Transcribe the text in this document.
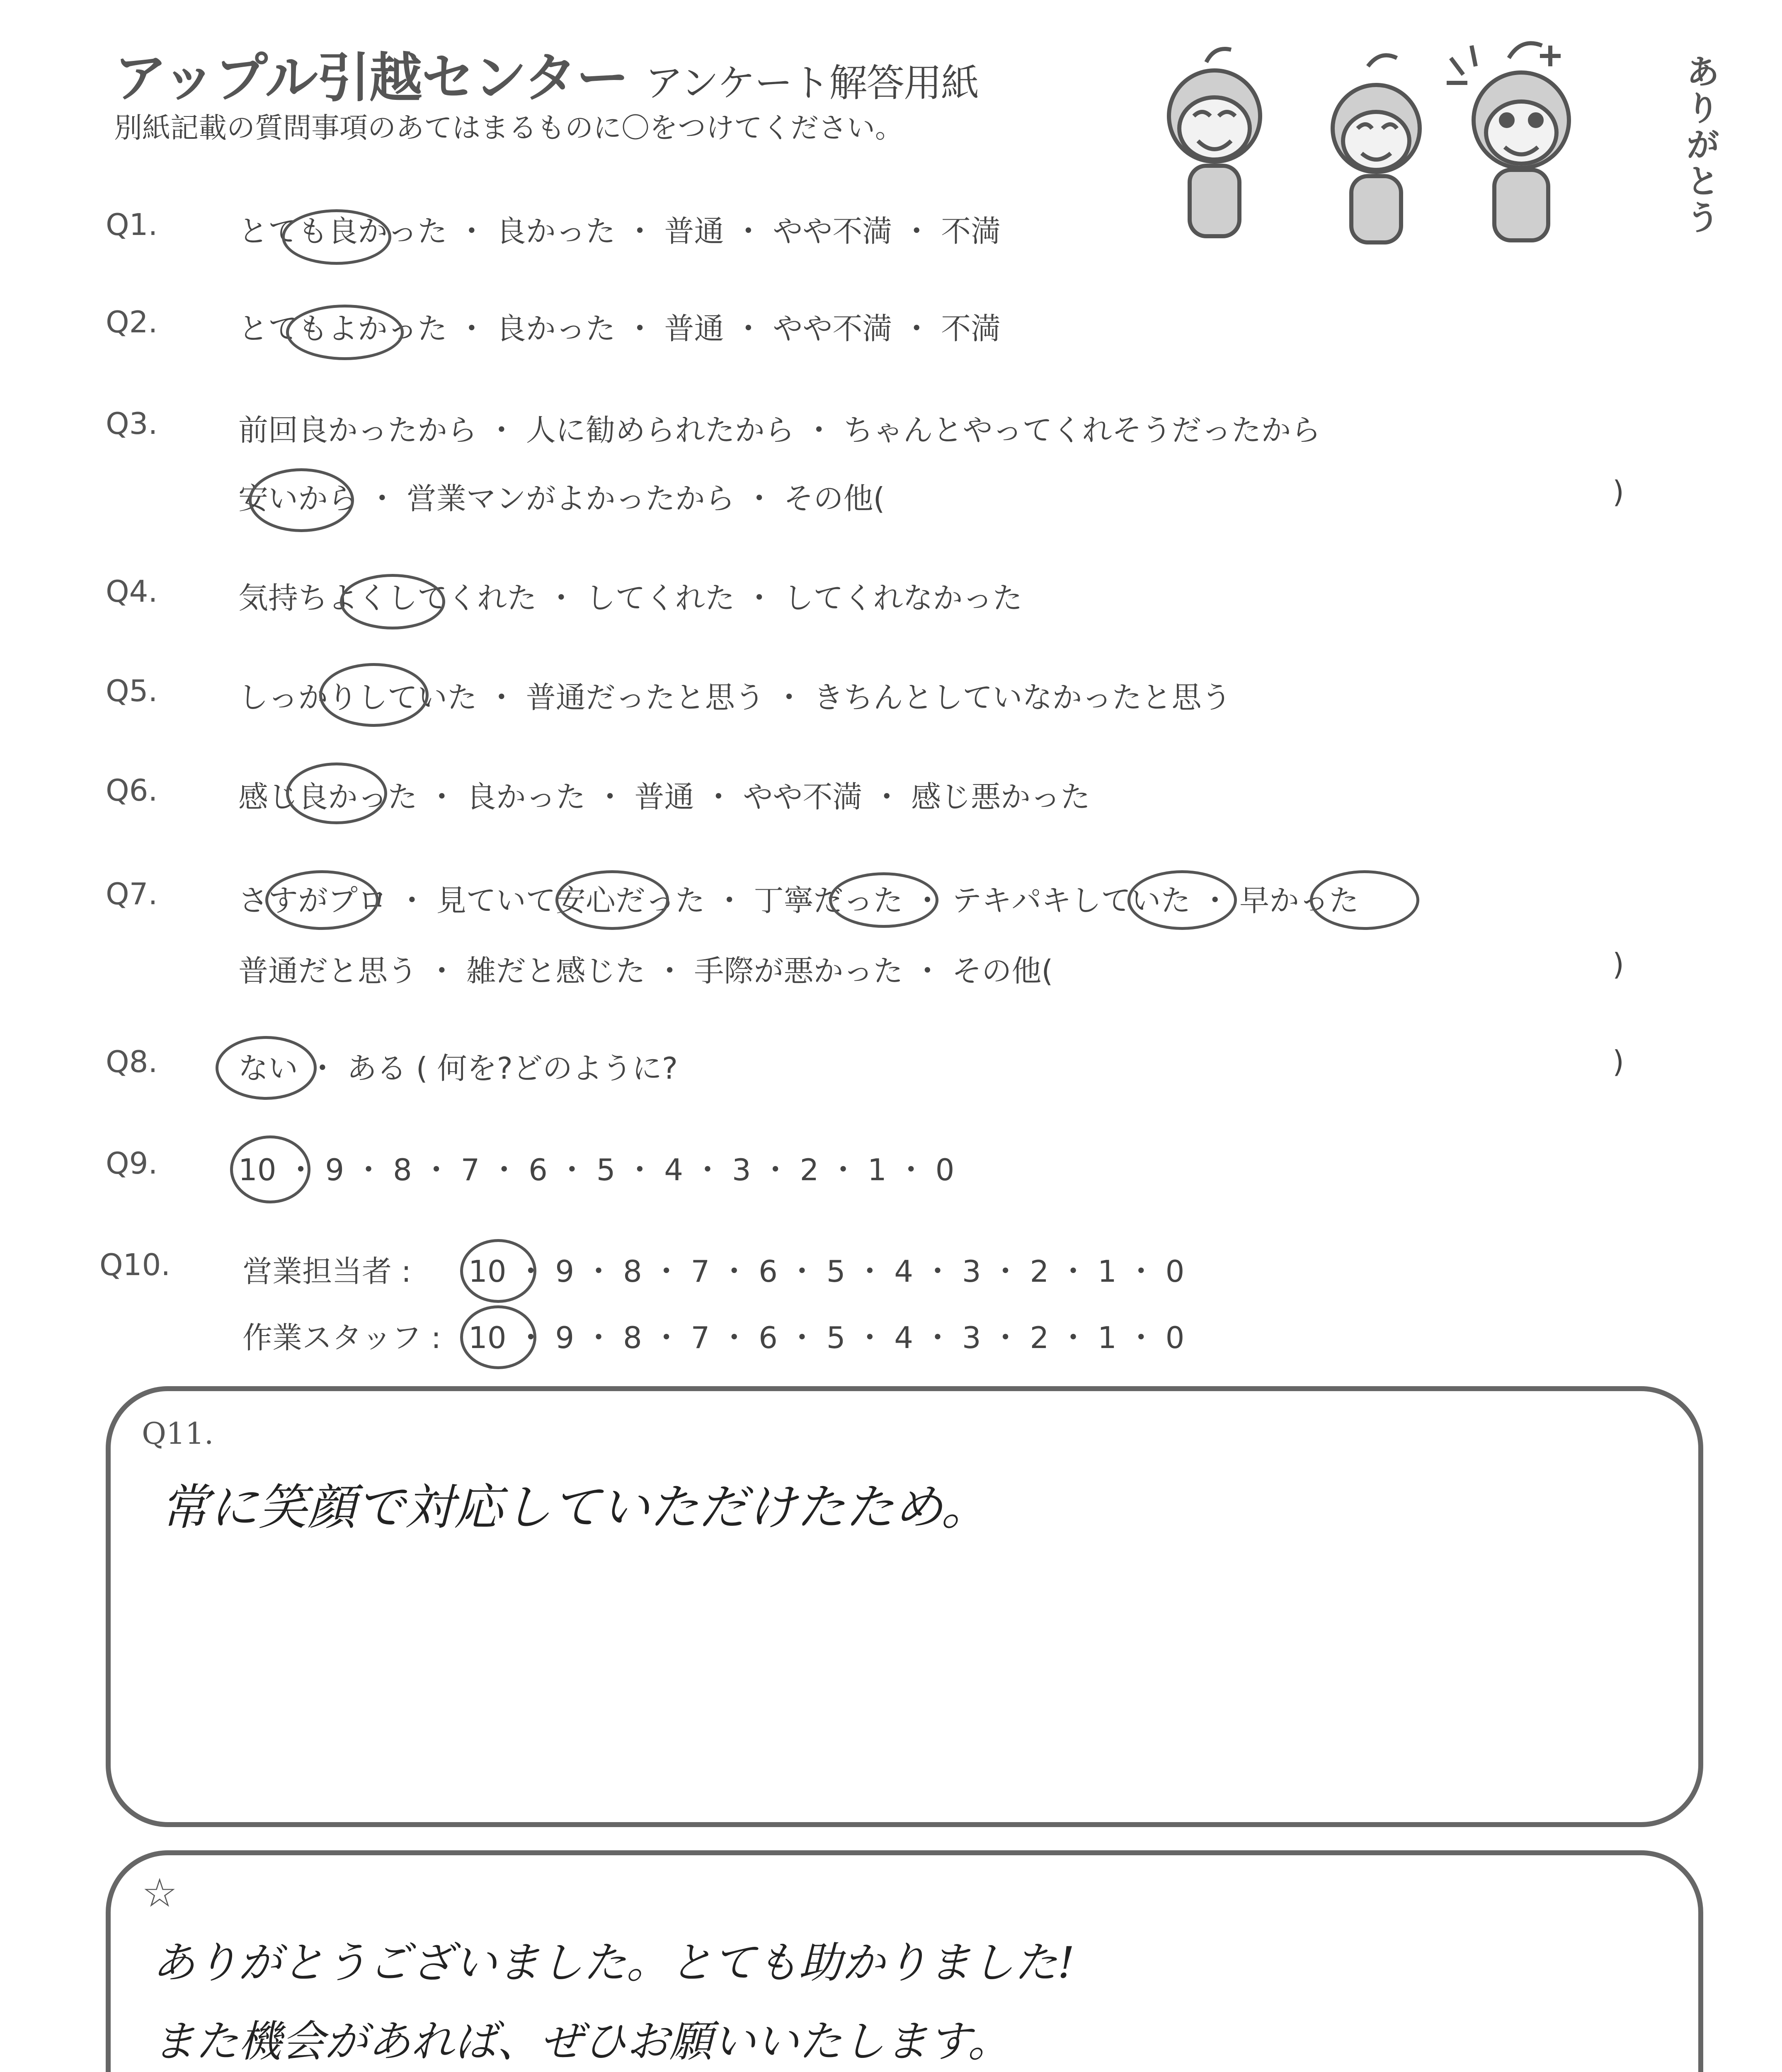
アップル引越センター アンケート解答用紙
別紙記載の質問事項のあてはまるものに〇をつけてください。	ありがとう
Q1.	とても良かった ・ 良かった ・ 普通 ・ やや不満 ・ 不満
Q2.	とてもよかった ・ 良かった ・ 普通 ・ やや不満 ・ 不満
Q3.	前回良かったから ・ 人に勧められたから ・ ちゃんとやってくれそうだったから
安いから ・ 営業マンがよかったから ・ その他(	)
Q4.	気持ちよくしてくれた ・ してくれた ・ してくれなかった
Q5.	しっかりしていた ・ 普通だったと思う ・ きちんとしていなかったと思う
Q6.	感じ良かった ・ 良かった ・ 普通 ・ やや不満 ・ 感じ悪かった
Q7.	さすがプロ ・ 見ていて安心だった ・ 丁寧だった ・ テキパキしていた ・ 早かった
普通だと思う ・ 雑だと感じた ・ 手際が悪かった ・ その他(	)
Q8.	ない ・ ある ( 何を?どのように?	)
Q9.	10 ・ 9 ・ 8 ・ 7 ・ 6 ・ 5 ・ 4 ・ 3 ・ 2 ・ 1 ・ 0
Q10. 営業担当者 : 10 ・ 9 ・ 8 ・ 7 ・ 6 ・ 5 ・ 4 ・ 3 ・ 2 ・ 1 ・ 0
作業スタッフ : 10 ・ 9 ・ 8 ・ 7 ・ 6 ・ 5 ・ 4 ・ 3 ・ 2 ・ 1 ・ 0
Q11.
常に笑顔で対応していただけたため。
☆
ありがとうございました。とても助かりました!
また機会があれば、ぜひお願いいたします。
